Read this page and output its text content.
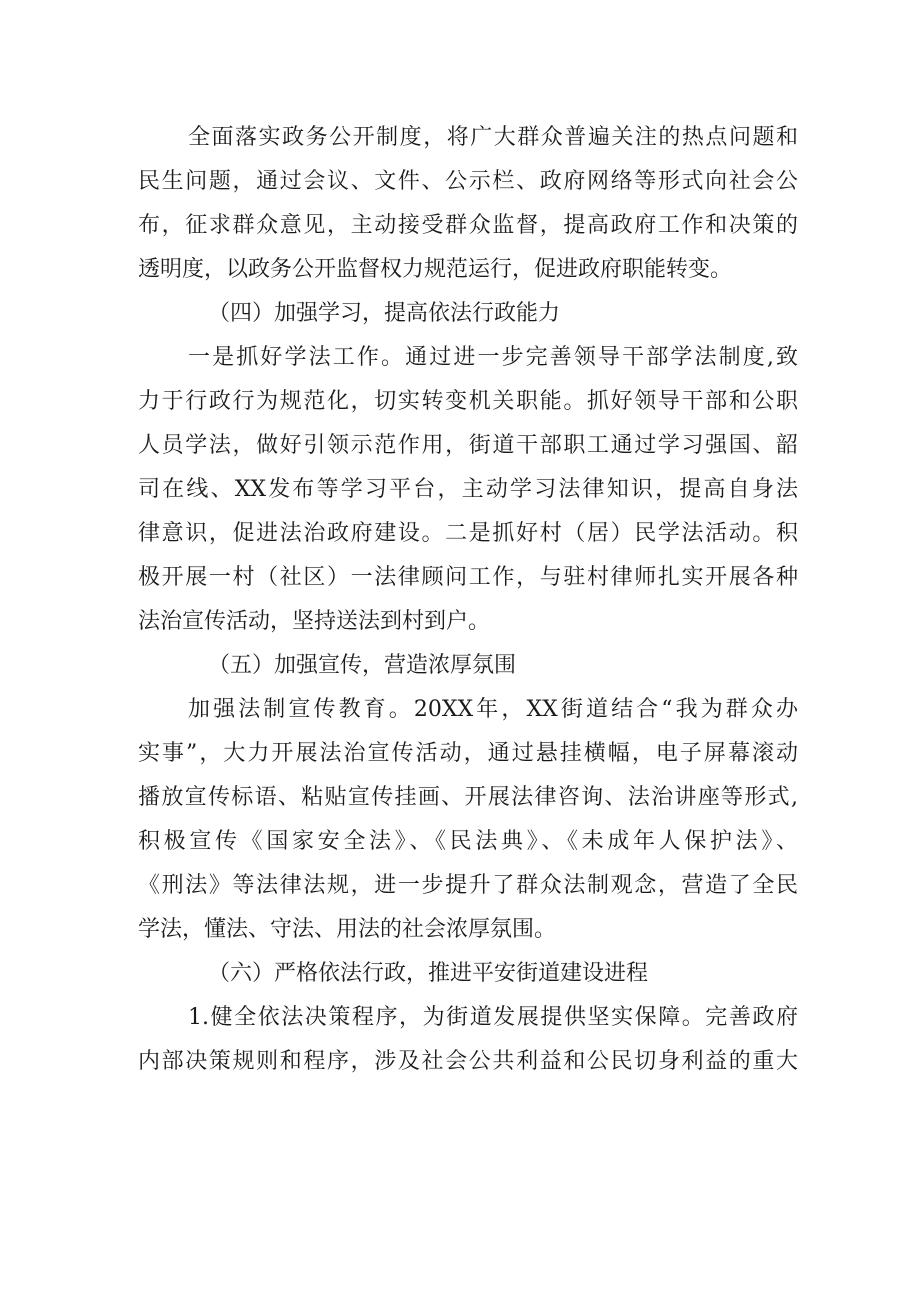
全面落实政务公开制度，将广大群众普遍关注的热点问题和
民生问题，通过会议、文件、公示栏、政府网络等形式向社会公
布，征求群众意见，主动接受群众监督，提高政府工作和决策的
透明度，以政务公开监督权力规范运行，促进政府职能转变。
（四）加强学习，提高依法行政能力
一是抓好学法工作。通过进一步完善领导干部学法制度,致
力于行政行为规范化，切实转变机关职能。抓好领导干部和公职
人员学法，做好引领示范作用，街道干部职工通过学习强国、韶
司在线、XX发布等学习平台，主动学习法律知识，提高自身法
律意识，促进法治政府建设。二是抓好村（居）民学法活动。积
极开展一村（社区）一法律顾问工作，与驻村律师扎实开展各种
法治宣传活动，坚持送法到村到户。
（五）加强宣传，营造浓厚氛围
加强法制宣传教育。20XX年，XX街道结合“我为群众办
实事”，大力开展法治宣传活动，通过悬挂横幅，电子屏幕滚动
播放宣传标语、粘贴宣传挂画、开展法律咨询、法治讲座等形式,
积极宣传《国家安全法》、《民法典》、《未成年人保护法》、
《刑法》等法律法规，进一步提升了群众法制观念，营造了全民
学法，懂法、守法、用法的社会浓厚氛围。
（六）严格依法行政，推进平安街道建设进程
1.健全依法决策程序，为街道发展提供坚实保障。完善政府
内部决策规则和程序，涉及社会公共利益和公民切身利益的重大
